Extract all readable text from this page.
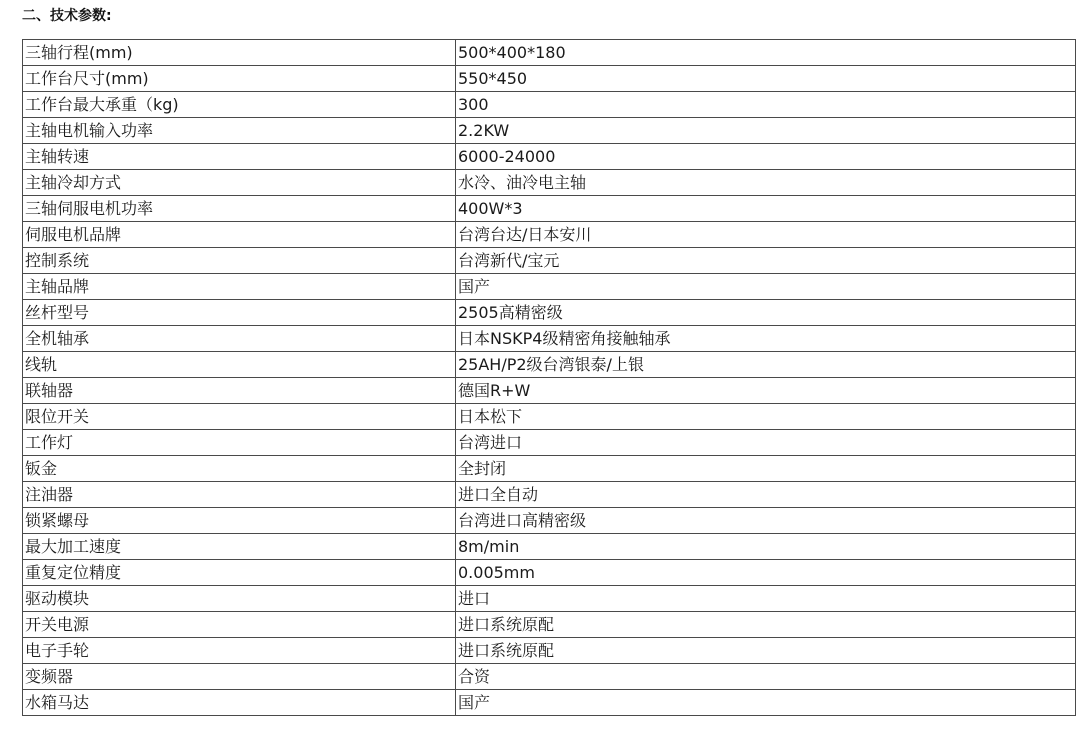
二、技术参数:
三轴行程(mm)	500*400*180
工作台尺寸(mm)	550*450
工作台最大承重（kg)	300
主轴电机输入功率	2.2KW
主轴转速	6000-24000
主轴冷却方式	水冷、油冷电主轴
三轴伺服电机功率	400W*3
伺服电机品牌	台湾台达/日本安川
控制系统	台湾新代/宝元
主轴品牌	国产
丝杆型号	2505高精密级
全机轴承	日本NSKP4级精密角接触轴承
线轨	25AH/P2级台湾银泰/上银
联轴器	德国R+W
限位开关	日本松下
工作灯	台湾进口
钣金	全封闭
注油器	进口全自动
锁紧螺母	台湾进口高精密级
最大加工速度	8m/min
重复定位精度	0.005mm
驱动模块	进口
开关电源	进口系统原配
电子手轮	进口系统原配
变频器	合资
水箱马达	国产
